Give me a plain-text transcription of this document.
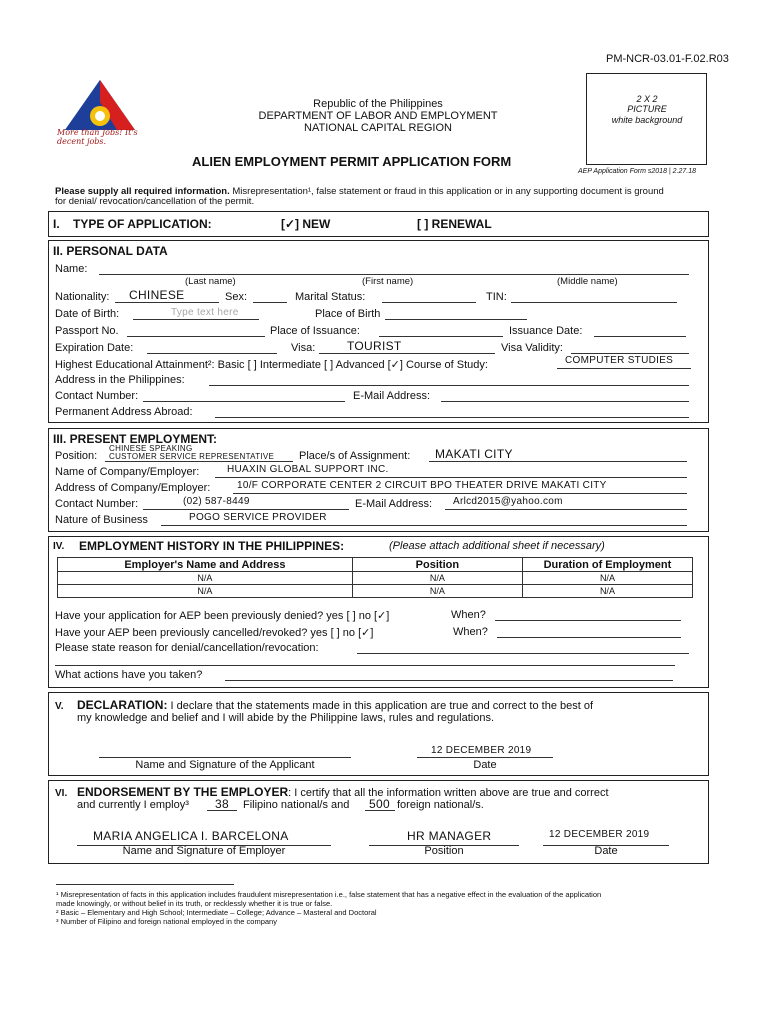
PM-NCR-03.01-F.02.R03
More than Jobs! It's decent jobs.
Republic of the Philippines
DEPARTMENT OF LABOR AND EMPLOYMENT
NATIONAL CAPITAL REGION
ALIEN EMPLOYMENT PERMIT APPLICATION FORM
2 X 2
PICTURE
white background
AEP Application Form s2018 | 2.27.18
Please supply all required information. Misrepresentation¹, false statement or fraud in this application or in any supporting document is ground
for denial/ revocation/cancellation of the permit.
I. TYPE OF APPLICATION:	[✓] NEW	[ ] RENEWAL
II. PERSONAL DATA
Name:
(Last name)	(First name)	(Middle name)
Nationality: CHINESE	Sex:	Marital Status:	TIN:
Date of Birth:	Type text here	Place of Birth
Passport No.	Place of Issuance:	Issuance Date:
Expiration Date:	Visa:	TOURIST	Visa Validity:
Highest Educational Attainment²: Basic [ ] Intermediate [ ] Advanced [✓] Course of Study:	COMPUTER STUDIES
Address in the Philippines:
Contact Number:	E-Mail Address:
Permanent Address Abroad:
III. PRESENT EMPLOYMENT:
Position:
CHINESE SPEAKING
CUSTOMER SERVICE REPRESENTATIVE Place/s of Assignment: MAKATI CITY
Name of Company/Employer:	HUAXIN GLOBAL SUPPORT INC.
Address of Company/Employer:	10/F CORPORATE CENTER 2 CIRCUIT BPO THEATER DRIVE MAKATI CITY
Contact Number:	(02) 587-8449	E-Mail Address: Arlcd2015@yahoo.com
Nature of Business	POGO SERVICE PROVIDER
IV. EMPLOYMENT HISTORY IN THE PHILIPPINES:	(Please attach additional sheet if necessary)
Employer's Name and Address	Position	Duration of Employment
N/A	N/A	N/A
N/A	N/A	N/A
Have your application for AEP been previously denied? yes [ ] no [✓]	When?
Have your AEP been previously cancelled/revoked? yes [ ] no [✓]	When?
Please state reason for denial/cancellation/revocation:
What actions have you taken?
V. DECLARATION: I declare that the statements made in this application are true and correct to the best of
my knowledge and belief and I will abide by the Philippine laws, rules and regulations.
12 DECEMBER 2019
Name and Signature of the Applicant	Date
VI. ENDORSEMENT BY THE EMPLOYER: I certify that all the information written above are true and correct
and currently I employ³ 38 Filipino national/s and 500 foreign national/s.
MARIA ANGELICA I. BARCELONA	HR MANAGER	12 DECEMBER 2019
Name and Signature of Employer	Position	Date
¹ Misrepresentation of facts in this application includes fraudulent misrepresentation i.e., false statement that has a negative effect in the evaluation of the application
made knowingly, or without belief in its truth, or recklessly whether it is true or false.
² Basic – Elementary and High School; Intermediate – College; Advance – Masteral and Doctoral
³ Number of Filipino and foreign national employed in the company
